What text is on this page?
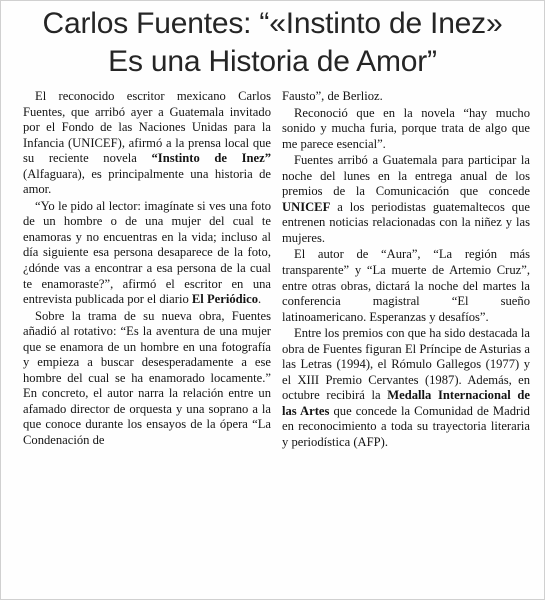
Carlos Fuentes: “«Instinto de Inez»
Es una Historia de Amor”

El reconocido escritor mexicano Carlos Fuentes, que arribó ayer a Guatemala invitado por el Fondo de las Naciones Unidas para la Infancia (UNICEF), afirmó a la prensa local que su reciente novela “Instinto de Inez” (Alfaguara), es principalmente una historia de amor.

“Yo le pido al lector: imagínate si ves una foto de un hombre o de una mujer del cual te enamoras y no encuentras en la vida; incluso al día siguiente esa persona desaparece de la foto, ¿dónde vas a encontrar a esa persona de la cual te enamoraste?”, afirmó el escritor en una entrevista publicada por el diario El Periódico.

Sobre la trama de su nueva obra, Fuentes añadió al rotativo: “Es la aventura de una mujer que se enamora de un hombre en una fotografía y empieza a buscar desesperadamente a ese hombre del cual se ha enamorado locamente.” En concreto, el autor narra la relación entre un afamado director de orquesta y una soprano a la que conoce durante los ensayos de la ópera “La Condenación de

Fausto”, de Berlioz.

Reconoció que en la novela “hay mucho sonido y mucha furia, porque trata de algo que me parece esencial”.

Fuentes arribó a Guatemala para participar la noche del lunes en la entrega anual de los premios de la Comunicación que concede UNICEF a los periodistas guatemaltecos que entrenen noticias relacionadas con la niñez y las mujeres.

El autor de “Aura”, “La región más transparente” y “La muerte de Artemio Cruz”, entre otras obras, dictará la noche del martes la conferencia magistral “El sueño latinoamericano. Esperanzas y desafíos”.

Entre los premios con que ha sido destacada la obra de Fuentes figuran El Príncipe de Asturias a las Letras (1994), el Rómulo Gallegos (1977) y el XIII Premio Cervantes (1987). Además, en octubre recibirá la Medalla Internacional de las Artes que concede la Comunidad de Madrid en reconocimiento a toda su trayectoria literaria y periodística (AFP).
